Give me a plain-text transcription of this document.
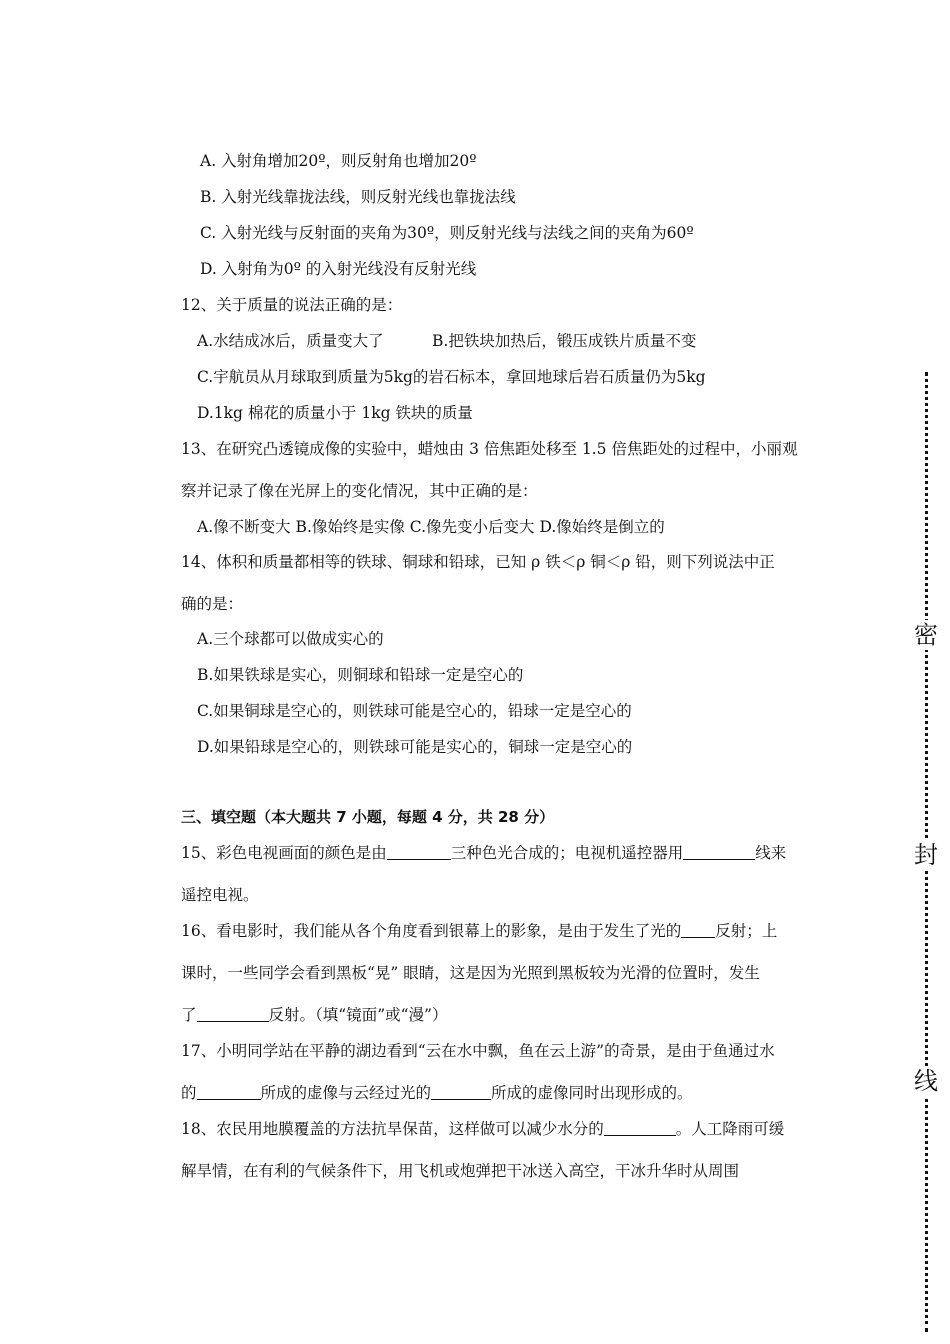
A. 入射角增加20º，则反射角也增加20º
B. 入射光线靠拢法线，则反射光线也靠拢法线
C. 入射光线与反射面的夹角为30º，则反射光线与法线之间的夹角为60º
D. 入射角为0º 的入射光线没有反射光线
12、关于质量的说法正确的是：
A.水结成冰后，质量变大了	B.把铁块加热后，锻压成铁片质量不变
C.宇航员从月球取到质量为5kg的岩石标本，拿回地球后岩石质量仍为5kg
D.1kg 棉花的质量小于 1kg 铁块的质量
13、在研究凸透镜成像的实验中，蜡烛由 3 倍焦距处移至 1.5 倍焦距处的过程中，小丽观
察并记录了像在光屏上的变化情况，其中正确的是：
A.像不断变大 B.像始终是实像 C.像先变小后变大 D.像始终是倒立的
14、体积和质量都相等的铁球、铜球和铅球，已知 ρ 铁＜ρ 铜＜ρ 铅，则下列说法中正
确的是：
A.三个球都可以做成实心的
B.如果铁球是实心，则铜球和铅球一定是空心的
C.如果铜球是空心的，则铁球可能是空心的，铅球一定是空心的
D.如果铅球是空心的，则铁球可能是实心的，铜球一定是空心的
三、填空题（本大题共 7 小题，每题 4 分，共 28 分）
15、彩色电视画面的颜色是由	三种色光合成的；电视机遥控器用	线来
遥控电视。
16、看电影时，我们能从各个角度看到银幕上的影象，是由于发生了光的 反射；上
课时，一些同学会看到黑板“晃” 眼睛，这是因为光照到黑板较为光滑的位置时，发生
了	反射。（填“镜面”或“漫”）
17、小明同学站在平静的湖边看到“云在水中飘，鱼在云上游”的奇景，是由于鱼通过水
的	所成的虚像与云经过光的	所成的虚像同时出现形成的。
18、农民用地膜覆盖的方法抗旱保苗，这样做可以减少水分的	。人工降雨可缓
解旱情，在有利的气候条件下，用飞机或炮弹把干冰送入高空，干冰升华时从周围
密
封
线
